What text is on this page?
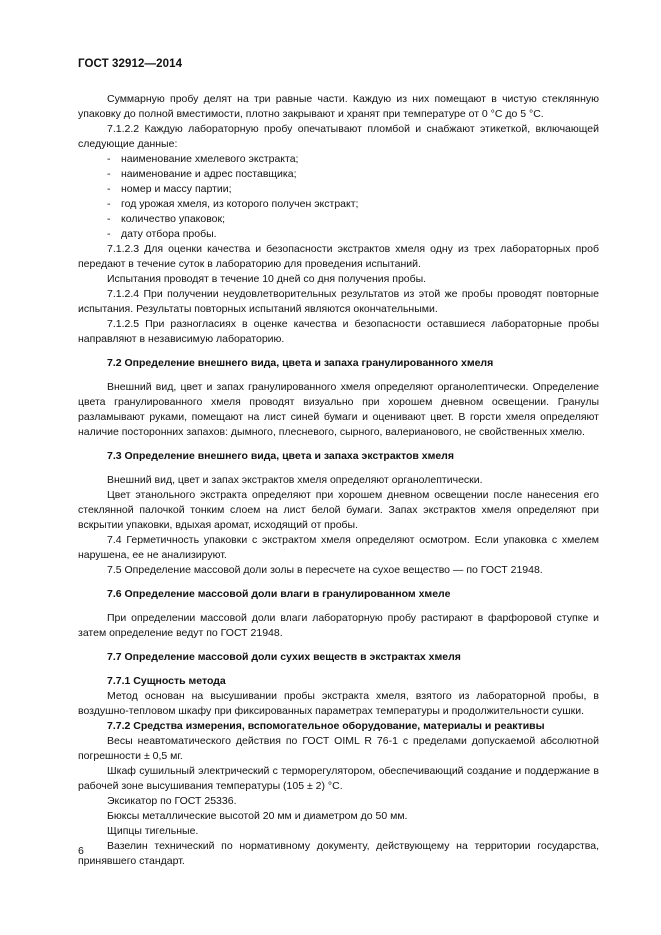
ГОСТ 32912—2014

Суммарную пробу делят на три равные части. Каждую из них помещают в чистую стеклянную упаковку до полной вместимости, плотно закрывают и хранят при температуре от 0 °С до 5 °С.

7.1.2.2 Каждую лабораторную пробу опечатывают пломбой и снабжают этикеткой, включающей следующие данные:

- наименование хмелевого экстракта;

- наименование и адрес поставщика;

- номер и массу партии;

- год урожая хмеля, из которого получен экстракт;

- количество упаковок;

- дату отбора пробы.

7.1.2.3 Для оценки качества и безопасности экстрактов хмеля одну из трех лабораторных проб передают в течение суток в лабораторию для проведения испытаний.

Испытания проводят в течение 10 дней со дня получения пробы.

7.1.2.4 При получении неудовлетворительных результатов из этой же пробы проводят повторные испытания. Результаты повторных испытаний являются окончательными.

7.1.2.5 При разногласиях в оценке качества и безопасности оставшиеся лабораторные пробы направляют в независимую лабораторию.

7.2 Определение внешнего вида, цвета и запаха гранулированного хмеля

Внешний вид, цвет и запах гранулированного хмеля определяют органолептически. Определение цвета гранулированного хмеля проводят визуально при хорошем дневном освещении. Гранулы разламывают руками, помещают на лист синей бумаги и оценивают цвет. В горсти хмеля определяют наличие посторонних запахов: дымного, плесневого, сырного, валерианового, не свойственных хмелю.

7.3 Определение внешнего вида, цвета и запаха экстрактов хмеля

Внешний вид, цвет и запах экстрактов хмеля определяют органолептически.

Цвет этанольного экстракта определяют при хорошем дневном освещении после нанесения его стеклянной палочкой тонким слоем на лист белой бумаги. Запах экстрактов хмеля определяют при вскрытии упаковки, вдыхая аромат, исходящий от пробы.

7.4 Герметичность упаковки с экстрактом хмеля определяют осмотром. Если упаковка с хмелем нарушена, ее не анализируют.

7.5 Определение массовой доли золы в пересчете на сухое вещество — по ГОСТ 21948.

7.6 Определение массовой доли влаги в гранулированном хмеле

При определении массовой доли влаги лабораторную пробу растирают в фарфоровой ступке и затем определение ведут по ГОСТ 21948.

7.7 Определение массовой доли сухих веществ в экстрактах хмеля

7.7.1 Сущность метода

Метод основан на высушивании пробы экстракта хмеля, взятого из лабораторной пробы, в воздушно-тепловом шкафу при фиксированных параметрах температуры и продолжительности сушки.

7.7.2 Средства измерения, вспомогательное оборудование, материалы и реактивы

Весы неавтоматического действия по ГОСТ OIML R 76-1 с пределами допускаемой абсолютной погрешности ± 0,5 мг.

Шкаф сушильный электрический с терморегулятором, обеспечивающий создание и поддержание в рабочей зоне высушивания температуры (105 ± 2) °С.

Эксикатор по ГОСТ 25336.

Бюксы металлические высотой 20 мм и диаметром до 50 мм.

Щипцы тигельные.

Вазелин технический по нормативному документу, действующему на территории государства, принявшего стандарт.

6
